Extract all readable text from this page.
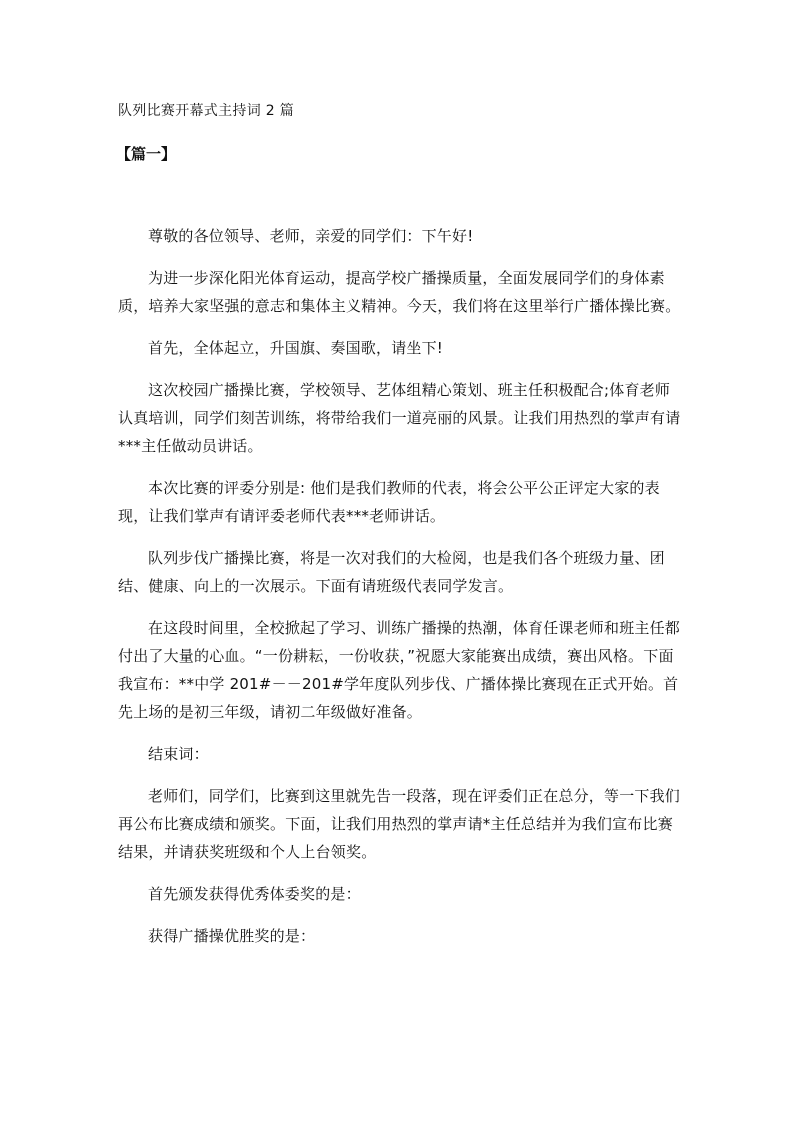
队列比赛开幕式主持词 2 篇
【篇一】

尊敬的各位领导、老师，亲爱的同学们：下午好!

为进一步深化阳光体育运动，提高学校广播操质量，全面发展同学们的身体素质，培养大家坚强的意志和集体主义精神。今天，我们将在这里举行广播体操比赛。

首先，全体起立，升国旗、奏国歌，请坐下!

这次校园广播操比赛，学校领导、艺体组精心策划、班主任积极配合;体育老师认真培训，同学们刻苦训练，将带给我们一道亮丽的风景。让我们用热烈的掌声有请***主任做动员讲话。

本次比赛的评委分别是: 他们是我们教师的代表，将会公平公正评定大家的表现，让我们掌声有请评委老师代表***老师讲话。

队列步伐广播操比赛，将是一次对我们的大检阅，也是我们各个班级力量、团结、健康、向上的一次展示。下面有请班级代表同学发言。

在这段时间里，全校掀起了学习、训练广播操的热潮，体育任课老师和班主任都付出了大量的心血。“一份耕耘，一份收获，”祝愿大家能赛出成绩，赛出风格。下面我宣布：**中学 201#－－201#学年度队列步伐、广播体操比赛现在正式开始。首先上场的是初三年级，请初二年级做好准备。

结束词：

老师们，同学们，比赛到这里就先告一段落，现在评委们正在总分，等一下我们再公布比赛成绩和颁奖。下面，让我们用热烈的掌声请*主任总结并为我们宣布比赛结果，并请获奖班级和个人上台领奖。

首先颁发获得优秀体委奖的是：

获得广播操优胜奖的是：
